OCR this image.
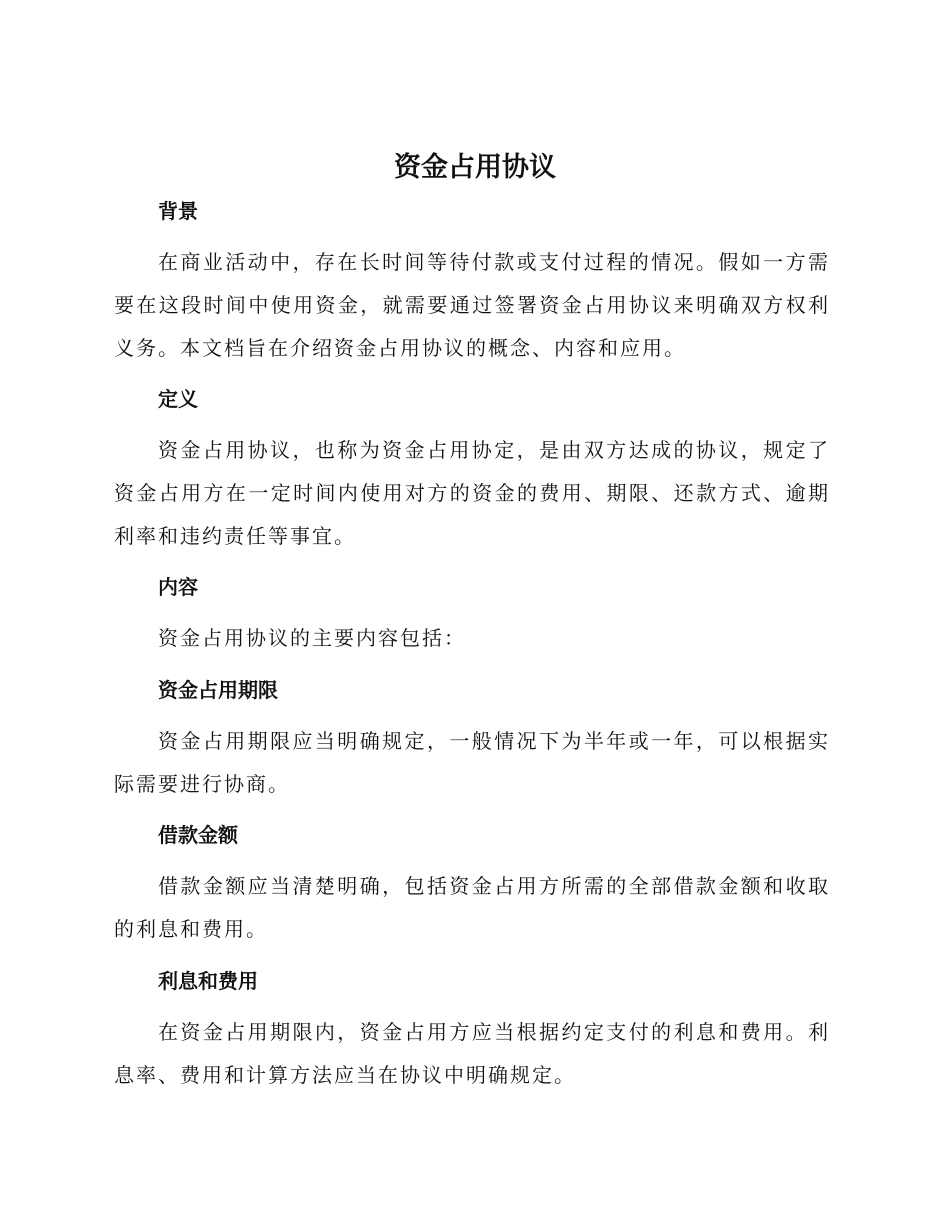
资金占用协议
背景

在商业活动中，存在长时间等待付款或支付过程的情况。假如一方需要在这段时间中使用资金，就需要通过签署资金占用协议来明确双方权利义务。本文档旨在介绍资金占用协议的概念、内容和应用。

定义

资金占用协议，也称为资金占用协定，是由双方达成的协议，规定了资金占用方在一定时间内使用对方的资金的费用、期限、还款方式、逾期利率和违约责任等事宜。

内容

资金占用协议的主要内容包括：

资金占用期限

资金占用期限应当明确规定，一般情况下为半年或一年，可以根据实际需要进行协商。

借款金额

借款金额应当清楚明确，包括资金占用方所需的全部借款金额和收取的利息和费用。

利息和费用

在资金占用期限内，资金占用方应当根据约定支付的利息和费用。利息率、费用和计算方法应当在协议中明确规定。
